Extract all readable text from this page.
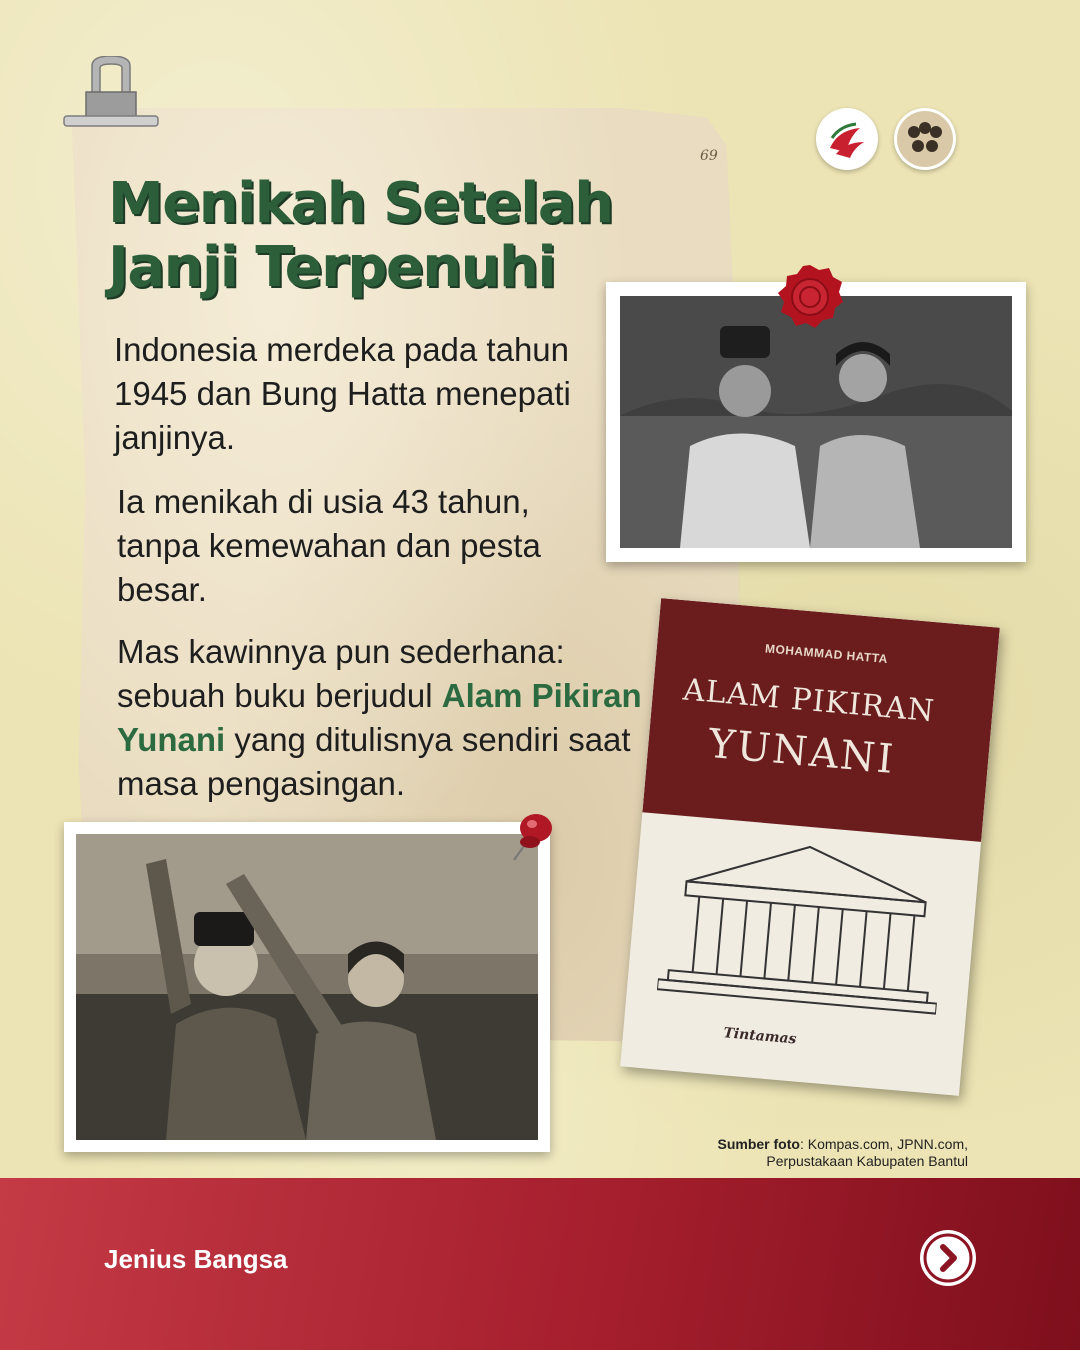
69
Menikah Setelah
Janji Terpenuhi

Indonesia merdeka pada tahun 1945 dan Bung Hatta menepati janjinya.

Ia menikah di usia 43 tahun, tanpa kemewahan dan pesta besar.

Mas kawinnya pun sederhana: sebuah buku berjudul Alam Pikiran Yunani yang ditulisnya sendiri saat masa pengasingan.

MOHAMMAD HATTA
ALAM PIKIRAN
YUNANI
Tintamas
Sumber foto: Kompas.com, JPNN.com,
Perpustakaan Kabupaten Bantul
Jenius Bangsa
